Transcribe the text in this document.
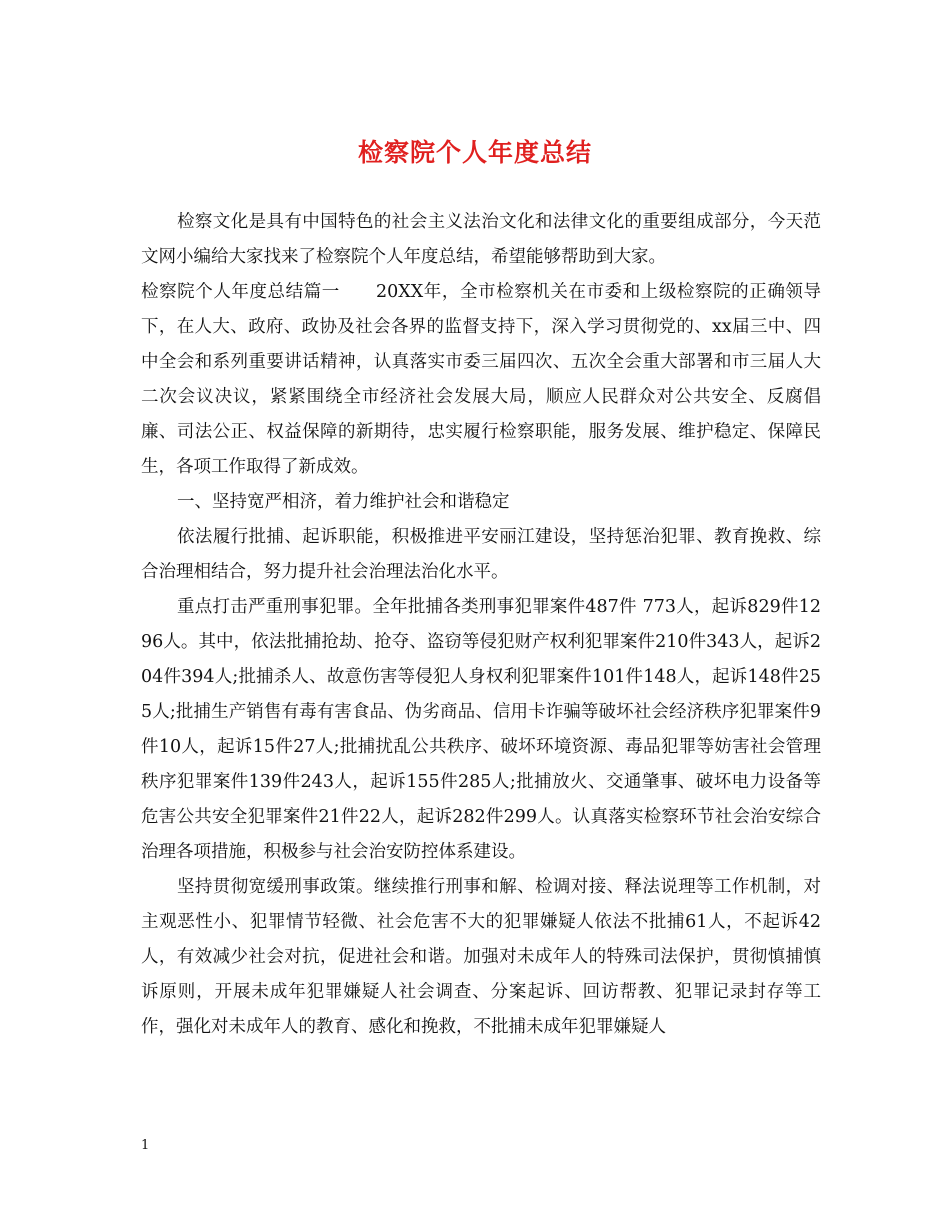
检察院个人年度总结

检察文化是具有中国特色的社会主义法治文化和法律文化的重要组成部分，今天范文网小编给大家找来了检察院个人年度总结，希望能够帮助到大家。

检察院个人年度总结篇一　　20XX年，全市检察机关在市委和上级检察院的正确领导下，在人大、政府、政协及社会各界的监督支持下，深入学习贯彻党的、xx届三中、四中全会和系列重要讲话精神，认真落实市委三届四次、五次全会重大部署和市三届人大二次会议决议，紧紧围绕全市经济社会发展大局，顺应人民群众对公共安全、反腐倡廉、司法公正、权益保障的新期待，忠实履行检察职能，服务发展、维护稳定、保障民生，各项工作取得了新成效。

一、坚持宽严相济，着力维护社会和谐稳定

依法履行批捕、起诉职能，积极推进平安丽江建设，坚持惩治犯罪、教育挽救、综合治理相结合，努力提升社会治理法治化水平。

重点打击严重刑事犯罪。全年批捕各类刑事犯罪案件487件 773人，起诉829件1296人。其中，依法批捕抢劫、抢夺、盗窃等侵犯财产权利犯罪案件210件343人，起诉204件394人;批捕杀人、故意伤害等侵犯人身权利犯罪案件101件148人，起诉148件255人;批捕生产销售有毒有害食品、伪劣商品、信用卡诈骗等破坏社会经济秩序犯罪案件9件10人，起诉15件27人;批捕扰乱公共秩序、破坏环境资源、毒品犯罪等妨害社会管理秩序犯罪案件139件243人，起诉155件285人;批捕放火、交通肇事、破坏电力设备等危害公共安全犯罪案件21件22人，起诉282件299人。认真落实检察环节社会治安综合治理各项措施，积极参与社会治安防控体系建设。

坚持贯彻宽缓刑事政策。继续推行刑事和解、检调对接、释法说理等工作机制，对主观恶性小、犯罪情节轻微、社会危害不大的犯罪嫌疑人依法不批捕61人，不起诉42人，有效减少社会对抗，促进社会和谐。加强对未成年人的特殊司法保护，贯彻慎捕慎诉原则，开展未成年犯罪嫌疑人社会调查、分案起诉、回访帮教、犯罪记录封存等工作，强化对未成年人的教育、感化和挽救，不批捕未成年犯罪嫌疑人

1
